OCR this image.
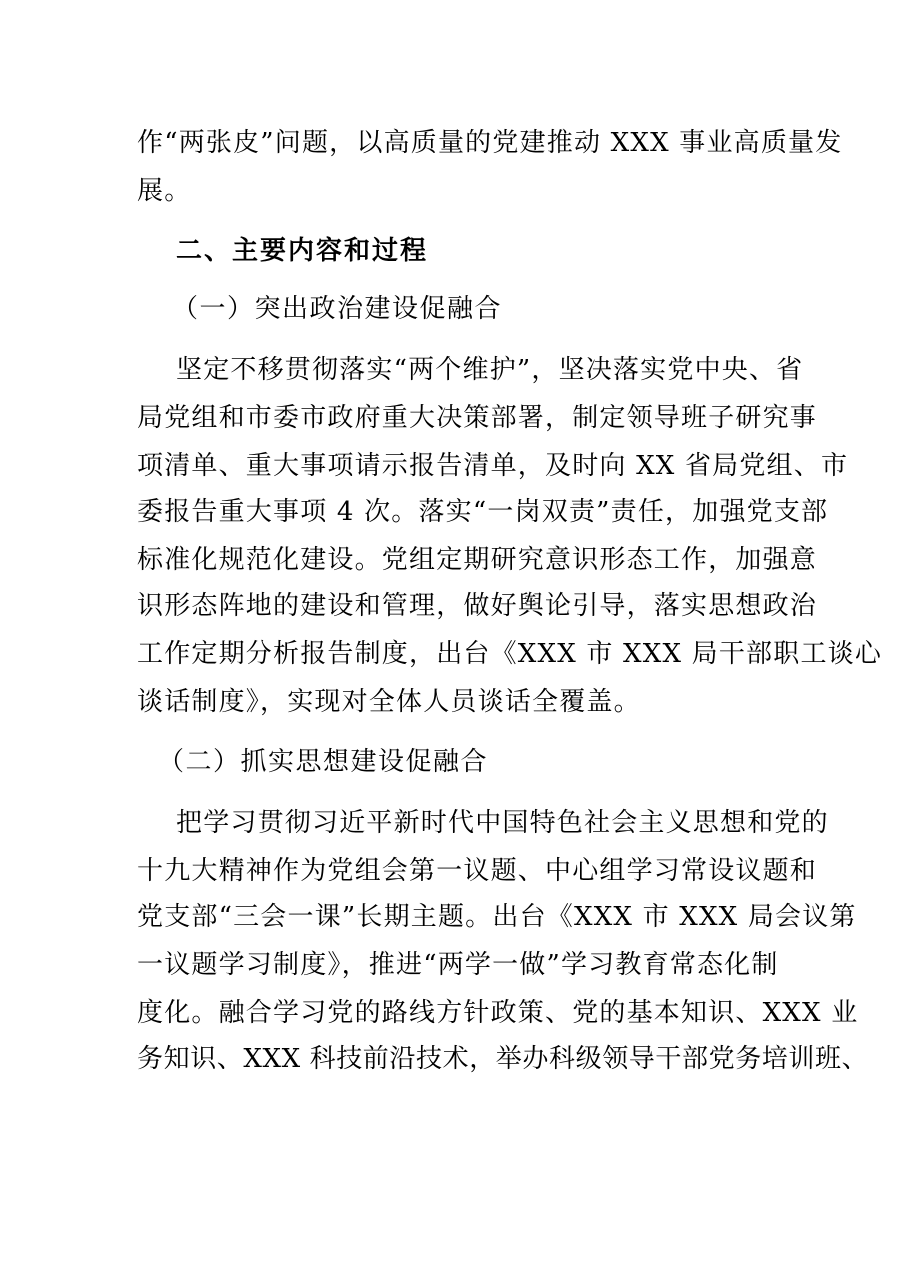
作“两张皮”问题，以高质量的党建推动 XXX 事业高质量发
展。
二、主要内容和过程
（一）突出政治建设促融合
坚定不移贯彻落实“两个维护”，坚决落实党中央、省
局党组和市委市政府重大决策部署，制定领导班子研究事
项清单、重大事项请示报告清单，及时向 XX 省局党组、市
委报告重大事项 4 次。落实“一岗双责”责任，加强党支部
标准化规范化建设。党组定期研究意识形态工作，加强意
识形态阵地的建设和管理，做好舆论引导，落实思想政治
工作定期分析报告制度，出台《XXX 市 XXX 局干部职工谈心
谈话制度》，实现对全体人员谈话全覆盖。
（二）抓实思想建设促融合
把学习贯彻习近平新时代中国特色社会主义思想和党的
十九大精神作为党组会第一议题、中心组学习常设议题和
党支部“三会一课”长期主题。出台《XXX 市 XXX 局会议第
一议题学习制度》，推进“两学一做”学习教育常态化制
度化。融合学习党的路线方针政策、党的基本知识、XXX 业
务知识、XXX 科技前沿技术，举办科级领导干部党务培训班、
